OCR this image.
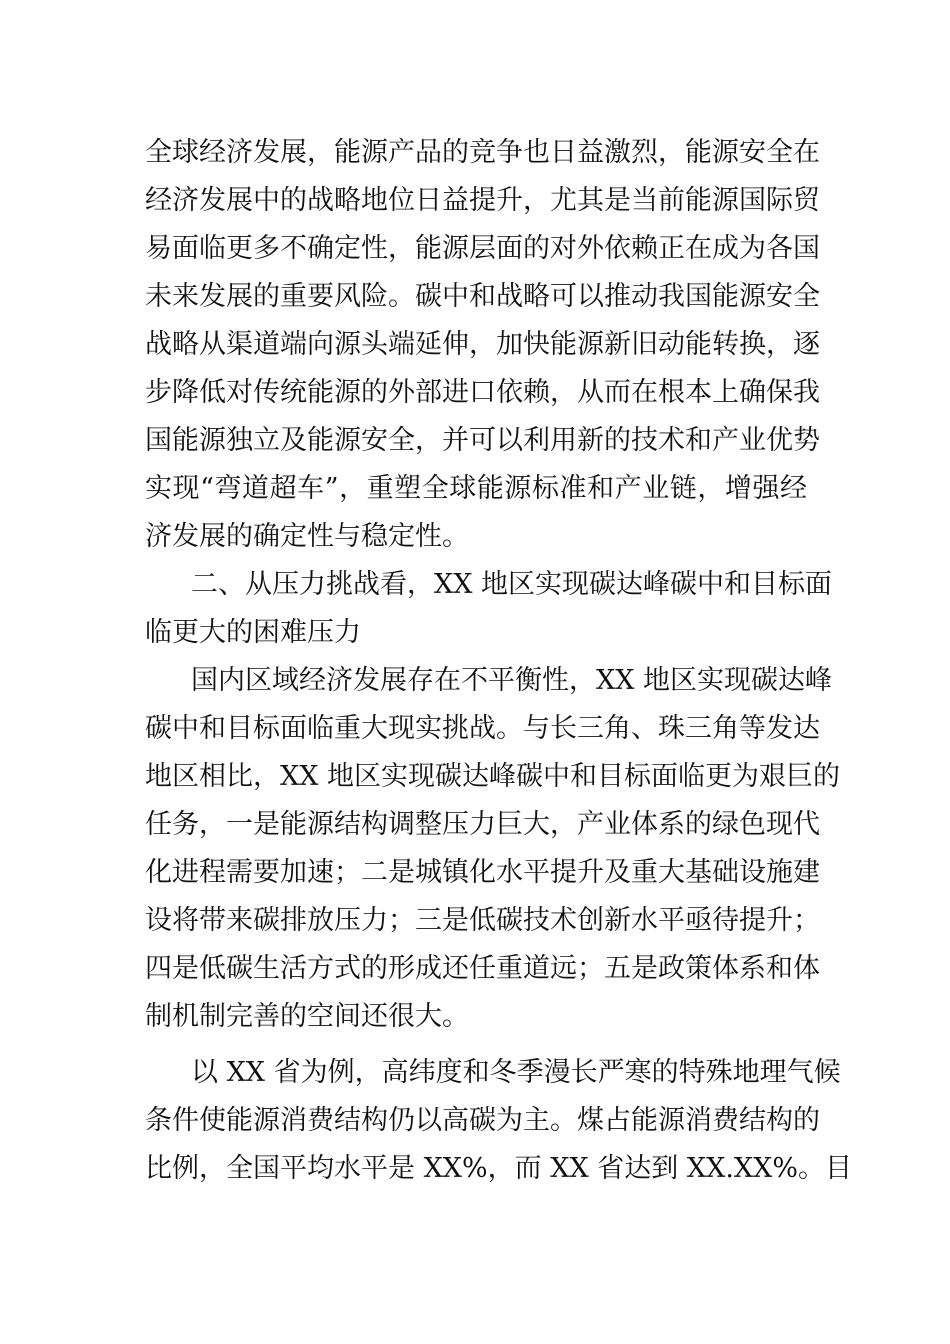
全球经济发展，能源产品的竞争也日益激烈，能源安全在
经济发展中的战略地位日益提升，尤其是当前能源国际贸
易面临更多不确定性，能源层面的对外依赖正在成为各国
未来发展的重要风险。碳中和战略可以推动我国能源安全
战略从渠道端向源头端延伸，加快能源新旧动能转换，逐
步降低对传统能源的外部进口依赖，从而在根本上确保我
国能源独立及能源安全，并可以利用新的技术和产业优势
实现“弯道超车”，重塑全球能源标准和产业链，增强经
济发展的确定性与稳定性。
二、从压力挑战看，XX 地区实现碳达峰碳中和目标面
临更大的困难压力
国内区域经济发展存在不平衡性，XX 地区实现碳达峰
碳中和目标面临重大现实挑战。与长三角、珠三角等发达
地区相比，XX 地区实现碳达峰碳中和目标面临更为艰巨的
任务，一是能源结构调整压力巨大，产业体系的绿色现代
化进程需要加速；二是城镇化水平提升及重大基础设施建
设将带来碳排放压力；三是低碳技术创新水平亟待提升；
四是低碳生活方式的形成还任重道远；五是政策体系和体
制机制完善的空间还很大。
以 XX 省为例，高纬度和冬季漫长严寒的特殊地理气候
条件使能源消费结构仍以高碳为主。煤占能源消费结构的
比例，全国平均水平是 XX%，而 XX 省达到 XX.XX%。目
